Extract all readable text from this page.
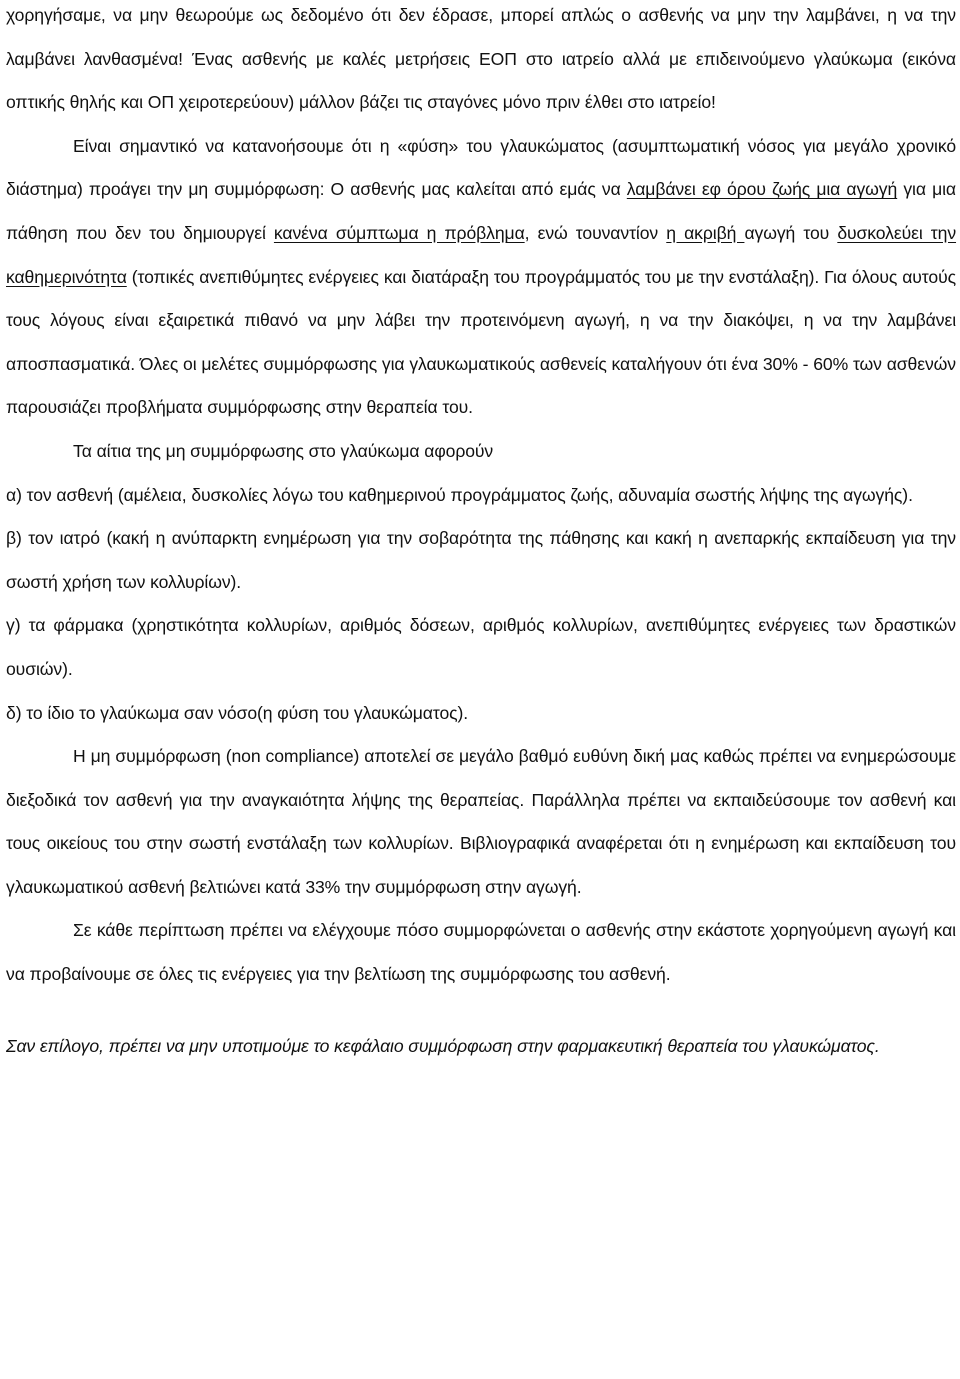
χορηγήσαμε, να μην θεωρούμε ως δεδομένο ότι δεν έδρασε, μπορεί απλώς ο ασθενής να μην την λαμβάνει, η να την λαμβάνει λανθασμένα! Ένας ασθενής με καλές μετρήσεις ΕΟΠ στο ιατρείο αλλά με επιδεινούμενο γλαύκωμα (εικόνα οπτικής θηλής και ΟΠ χειροτερεύουν) μάλλον βάζει τις σταγόνες μόνο πριν έλθει στο ιατρείο!

Είναι σημαντικό να κατανοήσουμε ότι η «φύση» του γλαυκώματος (ασυμπτωματική νόσος για μεγάλο χρονικό διάστημα) προάγει την μη συμμόρφωση: Ο ασθενής μας καλείται από εμάς να λαμβάνει εφ όρου ζωής μια αγωγή για μια πάθηση που δεν του δημιουργεί κανένα σύμπτωμα η πρόβλημα, ενώ τουναντίον η ακριβή αγωγή του δυσκολεύει την καθημερινότητα (τοπικές ανεπιθύμητες ενέργειες και διατάραξη του προγράμματός του με την ενστάλαξη). Για όλους αυτούς τους λόγους είναι εξαιρετικά πιθανό να μην λάβει την προτεινόμενη αγωγή, η να την διακόψει, η να την λαμβάνει αποσπασματικά. Όλες οι μελέτες συμμόρφωσης για γλαυκωματικούς ασθενείς καταλήγουν ότι ένα 30% - 60% των ασθενών παρουσιάζει προβλήματα συμμόρφωσης στην θεραπεία του.

Τα αίτια της μη συμμόρφωσης στο γλαύκωμα αφορούν

α) τον ασθενή (αμέλεια, δυσκολίες λόγω του καθημερινού προγράμματος ζωής, αδυναμία σωστής λήψης της αγωγής).

β) τον ιατρό (κακή η ανύπαρκτη ενημέρωση για την σοβαρότητα της πάθησης και κακή η ανεπαρκής εκπαίδευση για την σωστή χρήση των κολλυρίων).

γ) τα φάρμακα (χρηστικότητα κολλυρίων, αριθμός δόσεων, αριθμός κολλυρίων, ανεπιθύμητες ενέργειες των δραστικών ουσιών).

δ) το ίδιο το γλαύκωμα σαν νόσο(η φύση του γλαυκώματος).

Η μη συμμόρφωση (non compliance) αποτελεί σε μεγάλο βαθμό ευθύνη δική μας καθώς πρέπει να ενημερώσουμε διεξοδικά τον ασθενή για την αναγκαιότητα λήψης της θεραπείας. Παράλληλα πρέπει να εκπαιδεύσουμε τον ασθενή και τους οικείους του στην σωστή ενστάλαξη των κολλυρίων. Βιβλιογραφικά αναφέρεται ότι η ενημέρωση και εκπαίδευση του γλαυκωματικού ασθενή βελτιώνει κατά 33% την συμμόρφωση στην αγωγή.

Σε κάθε περίπτωση πρέπει να ελέγχουμε πόσο συμμορφώνεται ο ασθενής στην εκάστοτε χορηγούμενη αγωγή και να προβαίνουμε σε όλες τις ενέργειες για την βελτίωση της συμμόρφωσης του ασθενή.

Σαν επίλογο, πρέπει να μην υποτιμούμε το κεφάλαιο συμμόρφωση στην φαρμακευτική θεραπεία του γλαυκώματος.
